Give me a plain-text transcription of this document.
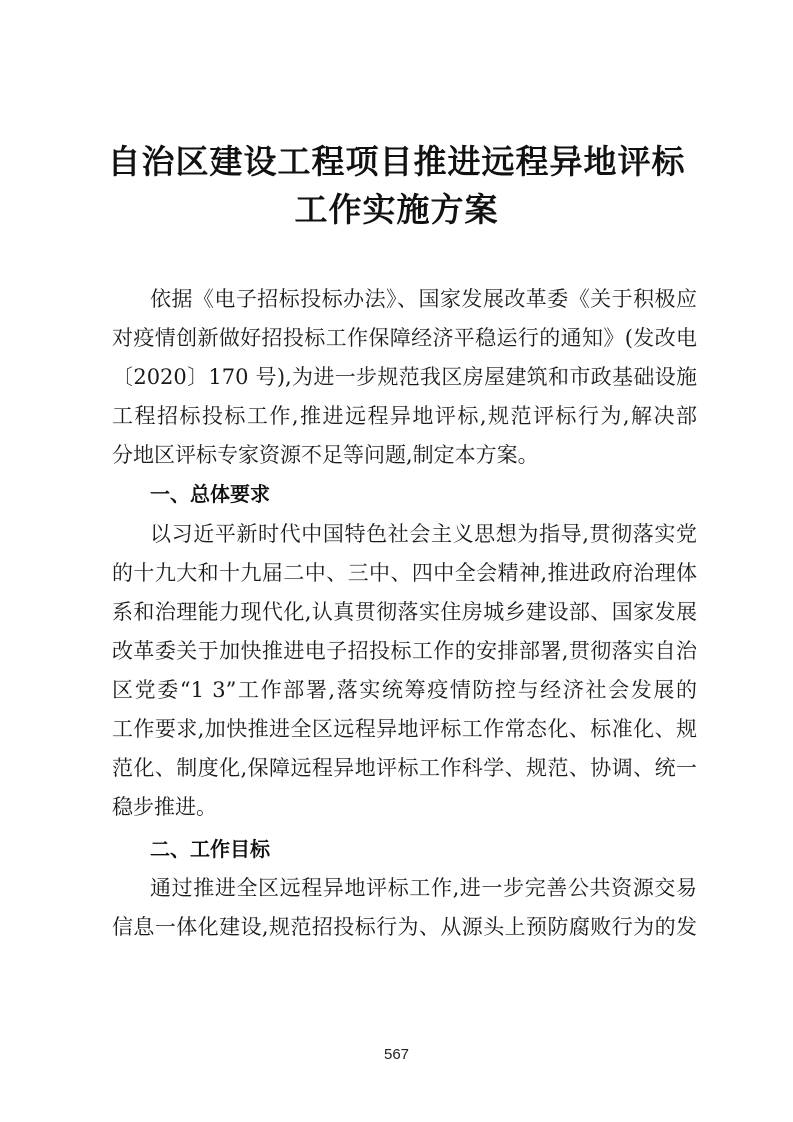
自治区建设工程项目推进远程异地评标
工作实施方案
依据《电子招标投标办法》、国家发展改革委《关于积极应
对疫情创新做好招投标工作保障经济平稳运行的通知》(发改电
〔2020〕170 号),为进一步规范我区房屋建筑和市政基础设施
工程招标投标工作,推进远程异地评标,规范评标行为,解决部
分地区评标专家资源不足等问题,制定本方案。
一、总体要求
以习近平新时代中国特色社会主义思想为指导,贯彻落实党
的十九大和十九届二中、三中、四中全会精神,推进政府治理体
系和治理能力现代化,认真贯彻落实住房城乡建设部、国家发展
改革委关于加快推进电子招投标工作的安排部署,贯彻落实自治
区党委“1 3”工作部署,落实统筹疫情防控与经济社会发展的
工作要求,加快推进全区远程异地评标工作常态化、标准化、规
范化、制度化,保障远程异地评标工作科学、规范、协调、统一
稳步推进。
二、工作目标
通过推进全区远程异地评标工作,进一步完善公共资源交易
信息一体化建设,规范招投标行为、从源头上预防腐败行为的发
567
